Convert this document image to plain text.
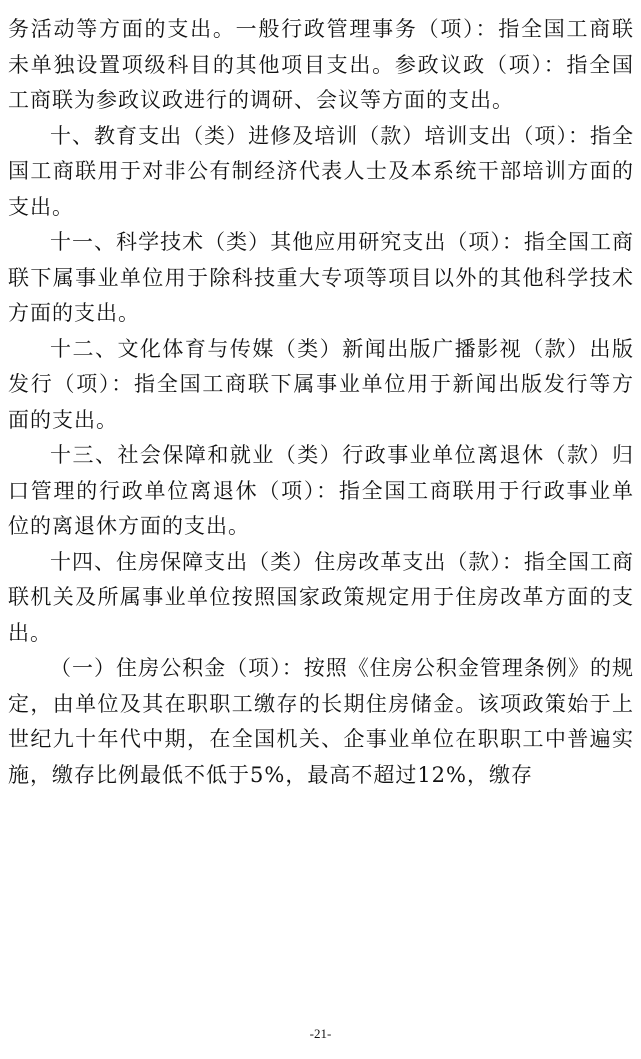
务活动等方面的支出。一般行政管理事务（项）：指全国工商联未单独设置项级科目的其他项目支出。参政议政（项）：指全国工商联为参政议政进行的调研、会议等方面的支出。

十、教育支出（类）进修及培训（款）培训支出（项）：指全国工商联用于对非公有制经济代表人士及本系统干部培训方面的支出。

十一、科学技术（类）其他应用研究支出（项）：指全国工商联下属事业单位用于除科技重大专项等项目以外的其他科学技术方面的支出。

十二、文化体育与传媒（类）新闻出版广播影视（款）出版发行（项）：指全国工商联下属事业单位用于新闻出版发行等方面的支出。

十三、社会保障和就业（类）行政事业单位离退休（款）归口管理的行政单位离退休（项）：指全国工商联用于行政事业单位的离退休方面的支出。

十四、住房保障支出（类）住房改革支出（款）：指全国工商联机关及所属事业单位按照国家政策规定用于住房改革方面的支出。

（一）住房公积金（项）：按照《住房公积金管理条例》的规定，由单位及其在职职工缴存的长期住房储金。该项政策始于上世纪九十年代中期，在全国机关、企事业单位在职职工中普遍实施，缴存比例最低不低于5%，最高不超过12%，缴存

-21-
